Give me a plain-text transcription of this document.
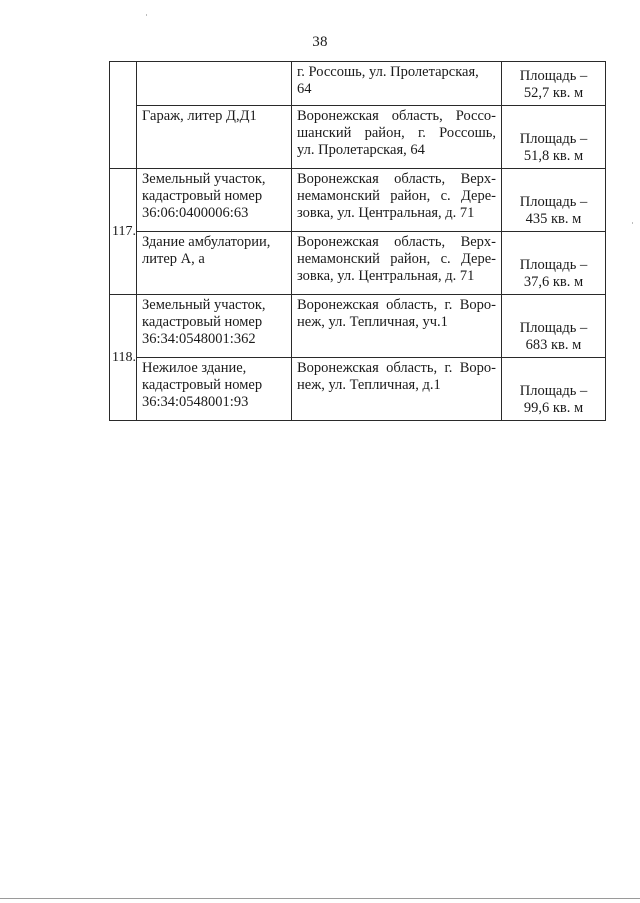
38

		г. Россошь, ул. Пролетарская,
64	Площадь –
52,7 кв. м

	Гараж, литер Д,Д1	Воронежская область, Россо-
шанский район, г. Россошь,
ул. Пролетарская, 64	Площадь –
51,8 кв. м

117.	Земельный участок,
кадастровый номер
36:06:0400006:63	Воронежская область, Верх-
немамонский район, с. Дере-
зовка, ул. Центральная, д. 71	Площадь –
435 кв. м

	Здание амбулатории,
литер А, а	Воронежская область, Верх-
немамонский район, с. Дере-
зовка, ул. Центральная, д. 71	Площадь –
37,6 кв. м

118.	Земельный участок,
кадастровый номер
36:34:0548001:362	Воронежская область, г. Воро-
неж, ул. Тепличная, уч.1	Площадь –
683 кв. м

	Нежилое здание,
кадастровый номер
36:34:0548001:93	Воронежская область, г. Воро-
неж, ул. Тепличная, д.1	Площадь –
99,6 кв. м
